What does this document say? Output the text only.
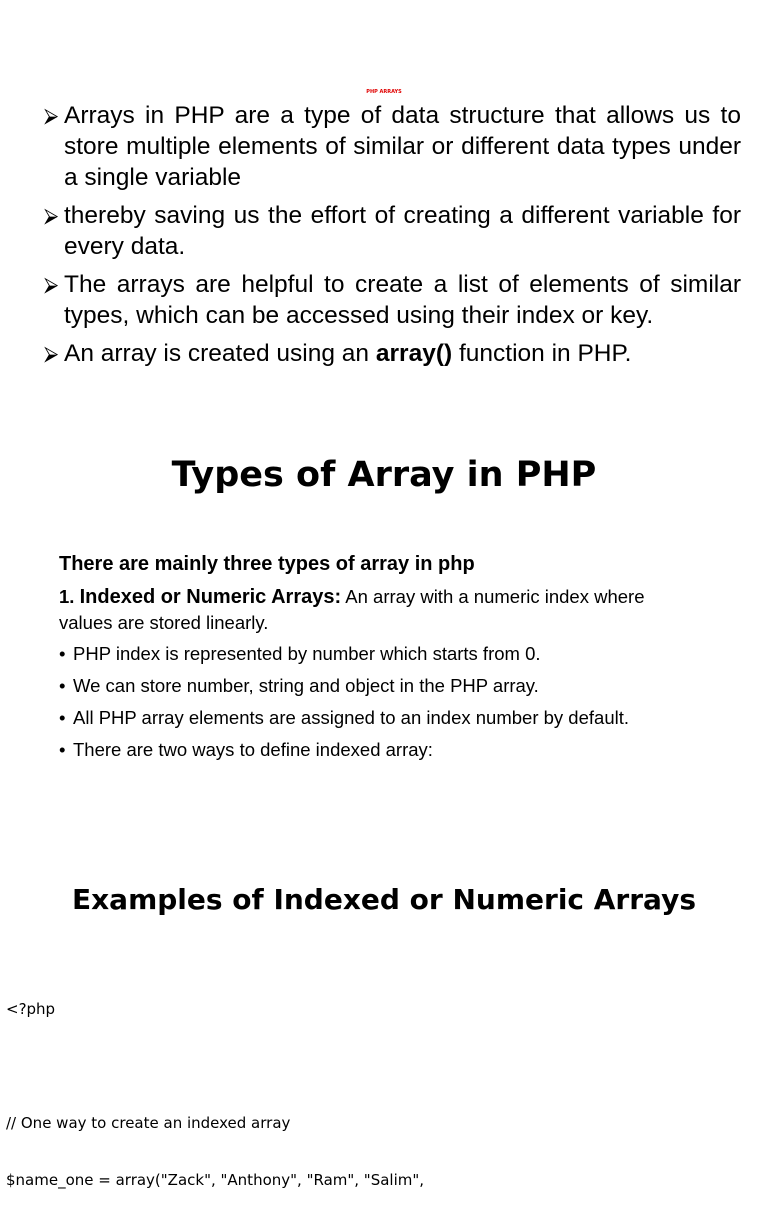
PHP ARRAYS
⮚ Arrays in PHP are a type of data structure that allows us to store multiple elements of similar or different data types under a single variable
⮚ thereby saving us the effort of creating a different variable for every data.
⮚ The arrays are helpful to create a list of elements of similar types, which can be accessed using their index or key.
⮚ An array is created using an array() function in PHP.
Types of Array in PHP

There are mainly three types of array in php

1. Indexed or Numeric Arrays: An array with a numeric index where values are stored linearly.

• PHP index is represented by number which starts from 0.
• We can store number, string and object in the PHP array.
• All PHP array elements are assigned to an index number by default.
• There are two ways to define indexed array:
Examples of Indexed or Numeric Arrays

<?php

// One way to create an indexed array

$name_one = array("Zack", "Anthony", "Ram", "Salim",
